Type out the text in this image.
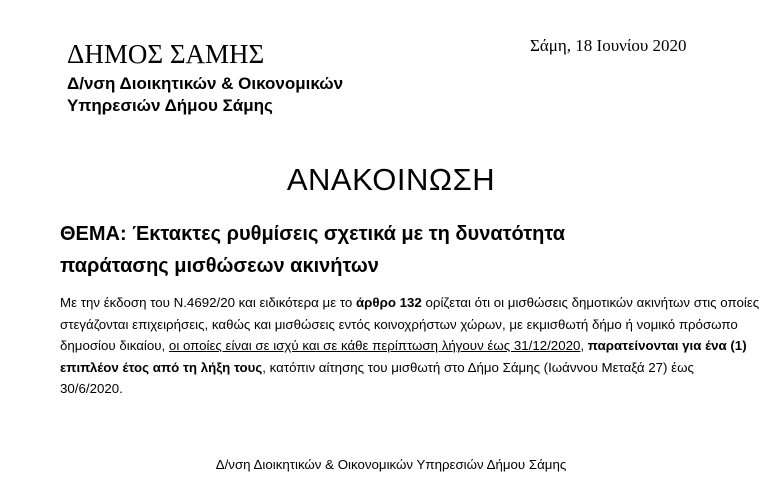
ΔΗΜΟΣ ΣΑΜΗΣ
Δ/νση Διοικητικών & Οικονομικών
Υπηρεσιών Δήμου Σάμης
Σάμη, 18 Ιουνίου 2020
ΑΝΑΚΟΙΝΩΣΗ
ΘΕΜΑ: Έκτακτες ρυθμίσεις σχετικά με τη δυνατότητα
παράτασης μισθώσεων ακινήτων
Με την έκδοση του Ν.4692/20 και ειδικότερα με το άρθρο 132 ορίζεται ότι οι μισθώσεις δημοτικών ακινήτων στις οποίες στεγάζονται επιχειρήσεις, καθώς και μισθώσεις εντός κοινοχρήστων χώρων, με εκμισθωτή δήμο ή νομικό πρόσωπο δημοσίου δικαίου, οι οποίες είναι σε ισχύ και σε κάθε περίπτωση λήγουν έως 31/12/2020, παρατείνονται για ένα (1) επιπλέον έτος από τη λήξη τους, κατόπιν αίτησης του μισθωτή στο Δήμο Σάμης (Ιωάννου Μεταξά 27) έως 30/6/2020.
Δ/νση Διοικητικών & Οικονομικών Υπηρεσιών Δήμου Σάμης
